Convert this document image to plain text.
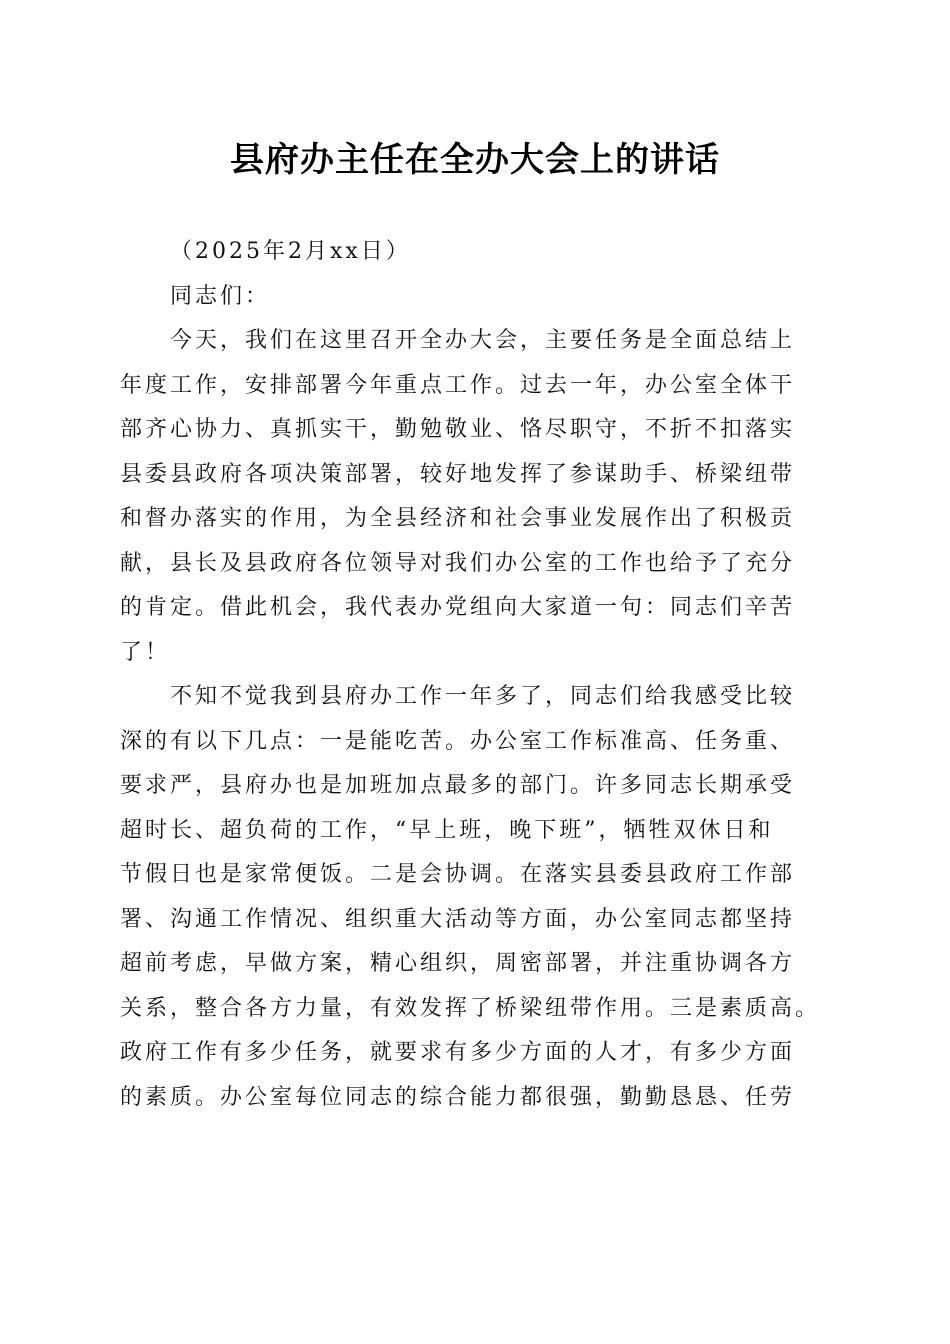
县府办主任在全办大会上的讲话
（2025年2月xx日）
同志们：
今天，我们在这里召开全办大会，主要任务是全面总结上
年度工作，安排部署今年重点工作。过去一年，办公室全体干
部齐心协力、真抓实干，勤勉敬业、恪尽职守，不折不扣落实
县委县政府各项决策部署，较好地发挥了参谋助手、桥梁纽带
和督办落实的作用，为全县经济和社会事业发展作出了积极贡
献，县长及县政府各位领导对我们办公室的工作也给予了充分
的肯定。借此机会，我代表办党组向大家道一句：同志们辛苦
了！
不知不觉我到县府办工作一年多了，同志们给我感受比较
深的有以下几点：一是能吃苦。办公室工作标准高、任务重、
要求严，县府办也是加班加点最多的部门。许多同志长期承受
超时长、超负荷的工作，“早上班，晚下班”，牺牲双休日和
节假日也是家常便饭。二是会协调。在落实县委县政府工作部
署、沟通工作情况、组织重大活动等方面，办公室同志都坚持
超前考虑，早做方案，精心组织，周密部署，并注重协调各方
关系，整合各方力量，有效发挥了桥梁纽带作用。三是素质高。
政府工作有多少任务，就要求有多少方面的人才，有多少方面
的素质。办公室每位同志的综合能力都很强，勤勤恳恳、任劳
